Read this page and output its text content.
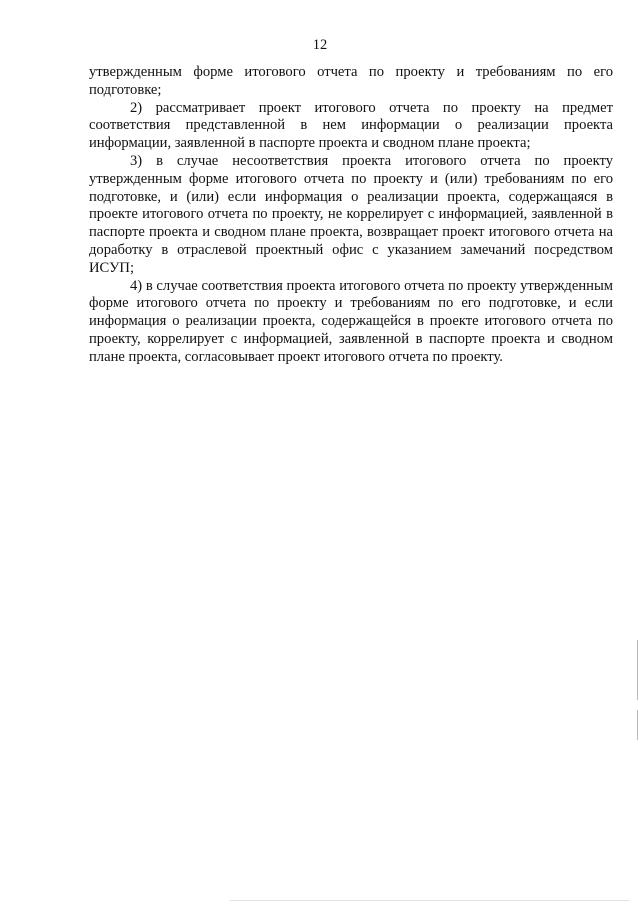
12

утвержденным форме итогового отчета по проекту и требованиям по его подготовке;

2) рассматривает проект итогового отчета по проекту на предмет соответствия представленной в нем информации о реализации проекта информации, заявленной в паспорте проекта и сводном плане проекта;

3) в случае несоответствия проекта итогового отчета по проекту утвержденным форме итогового отчета по проекту и (или) требованиям по его подготовке, и (или) если информация о реализации проекта, содержащаяся в проекте итогового отчета по проекту, не коррелирует с информацией, заявленной в паспорте проекта и сводном плане проекта, возвращает проект итогового отчета на доработку в отраслевой проектный офис с указанием замечаний посредством ИСУП;

4) в случае соответствия проекта итогового отчета по проекту утвержденным форме итогового отчета по проекту и требованиям по его подготовке, и если информация о реализации проекта, содержащейся в проекте итогового отчета по проекту, коррелирует с информацией, заявленной в паспорте проекта и сводном плане проекта, согласовывает проект итогового отчета по проекту.
